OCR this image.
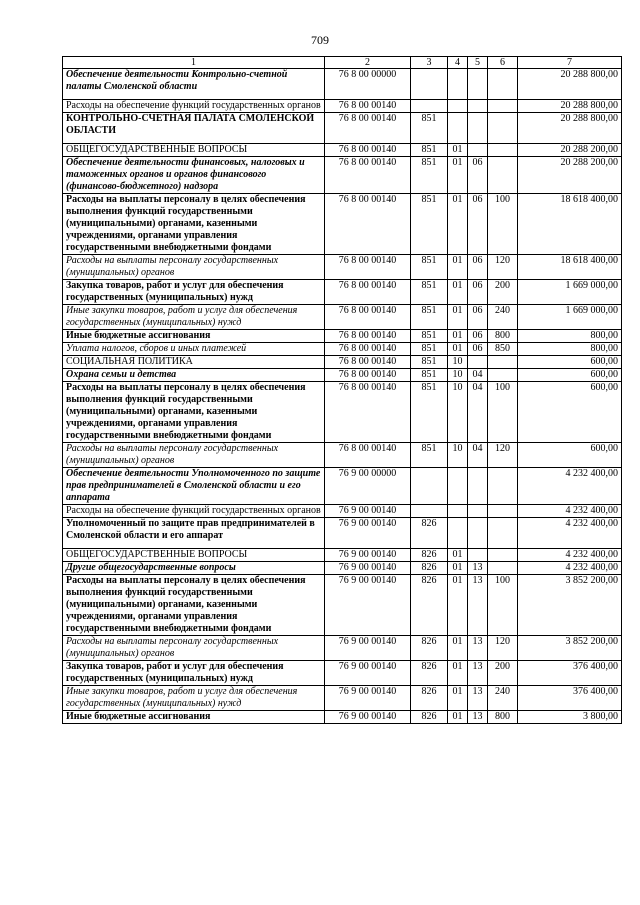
709
1	2	3	4	5	6	7
Обеспечение деятельности Контрольно-счетной палаты Смоленской области	76 8 00 00000					20 288 800,00
Расходы на обеспечение функций государственных органов	76 8 00 00140					20 288 800,00
КОНТРОЛЬНО-СЧЕТНАЯ ПАЛАТА СМОЛЕНСКОЙ ОБЛАСТИ	76 8 00 00140	851				20 288 800,00
ОБЩЕГОСУДАРСТВЕННЫЕ ВОПРОСЫ	76 8 00 00140	851	01			20 288 200,00
Обеспечение деятельности финансовых, налоговых и таможенных органов и органов финансового (финансово-бюджетного) надзора	76 8 00 00140	851	01	06		20 288 200,00
Расходы на выплаты персоналу в целях обеспечения выполнения функций государственными (муниципальными) органами, казенными учреждениями, органами управления государственными внебюджетными фондами	76 8 00 00140	851	01	06	100	18 618 400,00
Расходы на выплаты персоналу государственных (муниципальных) органов	76 8 00 00140	851	01	06	120	18 618 400,00
Закупка товаров, работ и услуг для обеспечения государственных (муниципальных) нужд	76 8 00 00140	851	01	06	200	1 669 000,00
Иные закупки товаров, работ и услуг для обеспечения государственных (муниципальных) нужд	76 8 00 00140	851	01	06	240	1 669 000,00
Иные бюджетные ассигнования	76 8 00 00140	851	01	06	800	800,00
Уплата налогов, сборов и иных платежей	76 8 00 00140	851	01	06	850	800,00
СОЦИАЛЬНАЯ ПОЛИТИКА	76 8 00 00140	851	10			600,00
Охрана семьи и детства	76 8 00 00140	851	10	04		600,00
Расходы на выплаты персоналу в целях обеспечения выполнения функций государственными (муниципальными) органами, казенными учреждениями, органами управления государственными внебюджетными фондами	76 8 00 00140	851	10	04	100	600,00
Расходы на выплаты персоналу государственных (муниципальных) органов	76 8 00 00140	851	10	04	120	600,00
Обеспечение деятельности Уполномоченного по защите прав предпринимателей в Смоленской области и его аппарата	76 9 00 00000					4 232 400,00
Расходы на обеспечение функций государственных органов	76 9 00 00140					4 232 400,00
Уполномоченный по защите прав предпринимателей в Смоленской области и его аппарат	76 9 00 00140	826				4 232 400,00
ОБЩЕГОСУДАРСТВЕННЫЕ ВОПРОСЫ	76 9 00 00140	826	01			4 232 400,00
Другие общегосударственные вопросы	76 9 00 00140	826	01	13		4 232 400,00
Расходы на выплаты персоналу в целях обеспечения выполнения функций государственными (муниципальными) органами, казенными учреждениями, органами управления государственными внебюджетными фондами	76 9 00 00140	826	01	13	100	3 852 200,00
Расходы на выплаты персоналу государственных (муниципальных) органов	76 9 00 00140	826	01	13	120	3 852 200,00
Закупка товаров, работ и услуг для обеспечения государственных (муниципальных) нужд	76 9 00 00140	826	01	13	200	376 400,00
Иные закупки товаров, работ и услуг для обеспечения государственных (муниципальных) нужд	76 9 00 00140	826	01	13	240	376 400,00
Иные бюджетные ассигнования	76 9 00 00140	826	01	13	800	3 800,00
